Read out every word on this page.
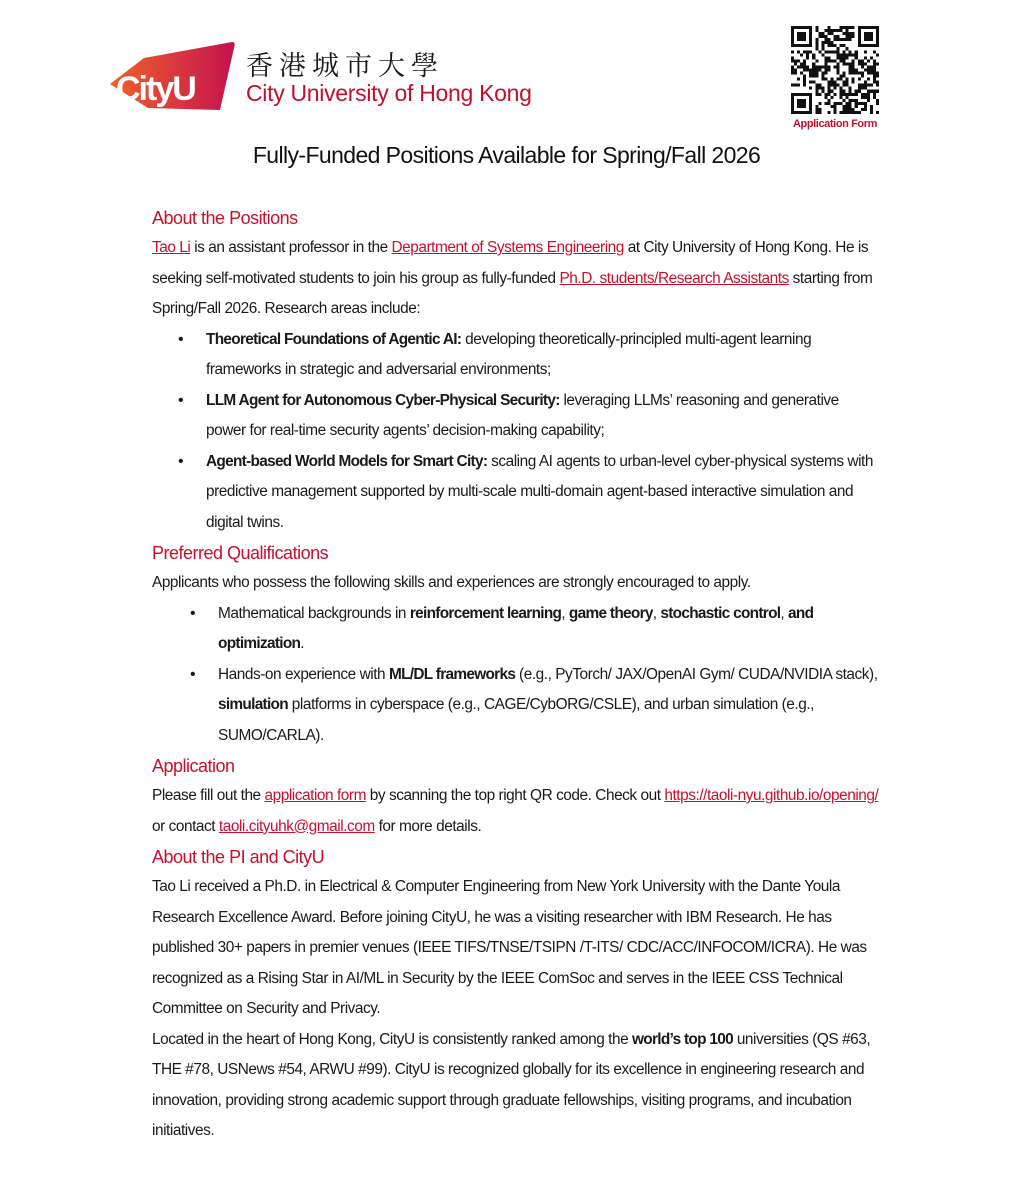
CityU
香港城市大學
City University of Hong Kong
Application Form
Fully-Funded Positions Available for Spring/Fall 2026
About the Positions

Tao Li is an assistant professor in the Department of Systems Engineering at City University of Hong Kong. He is seeking self-motivated students to join his group as fully-funded Ph.D. students/Research Assistants starting from Spring/Fall 2026. Research areas include:

• Theoretical Foundations of Agentic AI: developing theoretically-principled multi-agent learning frameworks in strategic and adversarial environments;
• LLM Agent for Autonomous Cyber-Physical Security: leveraging LLMs’ reasoning and generative power for real-time security agents’ decision-making capability;
• Agent-based World Models for Smart City: scaling AI agents to urban-level cyber-physical systems with predictive management supported by multi-scale multi-domain agent-based interactive simulation and digital twins.
Preferred Qualifications

Applicants who possess the following skills and experiences are strongly encouraged to apply.

• Mathematical backgrounds in reinforcement learning, game theory, stochastic control, and optimization.
• Hands-on experience with ML/DL frameworks (e.g., PyTorch/ JAX/OpenAI Gym/ CUDA/NVIDIA stack), simulation platforms in cyberspace (e.g., CAGE/CybORG/CSLE), and urban simulation (e.g., SUMO/CARLA).
Application

Please fill out the application form by scanning the top right QR code. Check out https://taoli-nyu.github.io/opening/ or contact taoli.cityuhk@gmail.com for more details.

About the PI and CityU

Tao Li received a Ph.D. in Electrical & Computer Engineering from New York University with the Dante Youla Research Excellence Award. Before joining CityU, he was a visiting researcher with IBM Research. He has published 30+ papers in premier venues (IEEE TIFS/TNSE/TSIPN /T-ITS/ CDC/ACC/INFOCOM/ICRA). He was recognized as a Rising Star in AI/ML in Security by the IEEE ComSoc and serves in the IEEE CSS Technical Committee on Security and Privacy.

Located in the heart of Hong Kong, CityU is consistently ranked among the world’s top 100 universities (QS #63, THE #78, USNews #54, ARWU #99). CityU is recognized globally for its excellence in engineering research and innovation, providing strong academic support through graduate fellowships, visiting programs, and incubation initiatives.
